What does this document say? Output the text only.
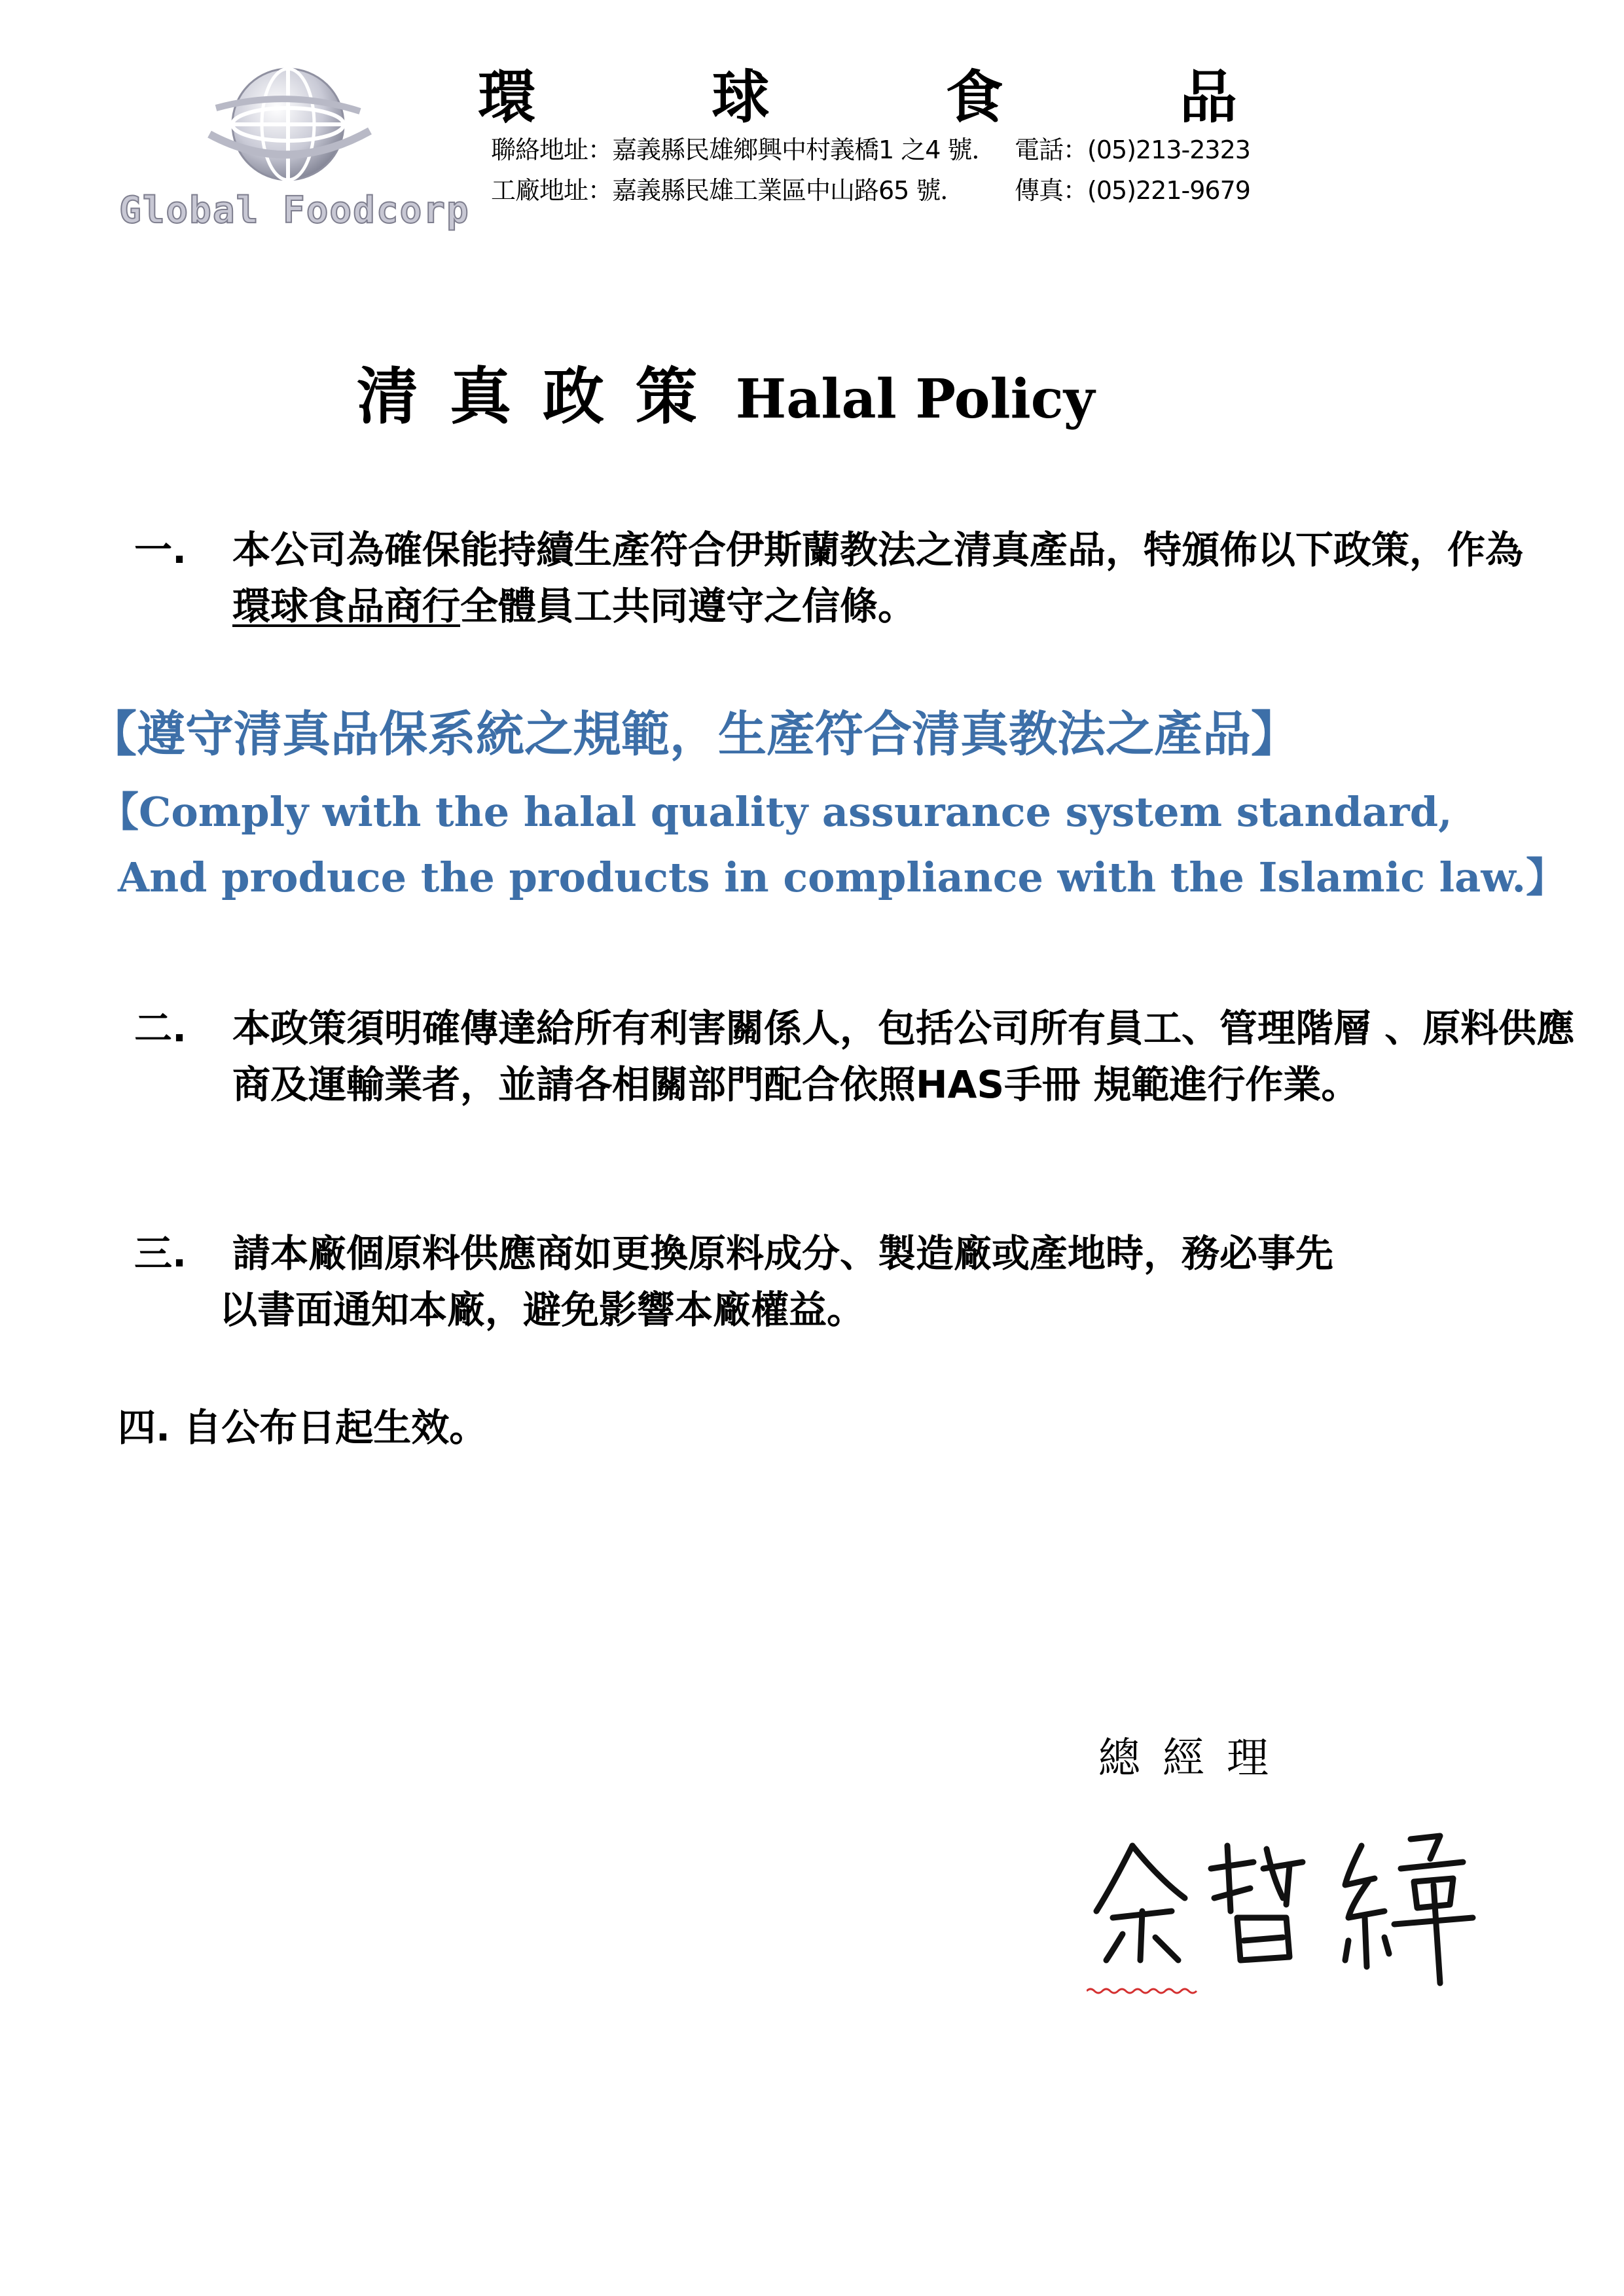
Global Foodcorp
環	球	食	品
聯絡地址：嘉義縣民雄鄉興中村義橋1 之4 號． 電話：(05)213-2323
工廠地址：嘉義縣民雄工業區中山路65 號． 傳真：(05)221-9679
清真政策 Halal Policy
一. 本公司為確保能持續生產符合伊斯蘭教法之清真產品，特頒佈以下政策，作為環球食品商行全體員工共同遵守之信條。
【遵守清真品保系統之規範，生產符合清真教法之產品】
【Comply with the halal quality assurance system standard,
And produce the products in compliance with the Islamic law.】
二. 本政策須明確傳達給所有利害關係人，包括公司所有員工、管理階層 、原料供應商及運輸業者，並請各相關部門配合依照HAS手冊 規範進行作業。
三. 請本廠個原料供應商如更換原料成分、製造廠或產地時，務必事先
以書面通知本廠，避免影響本廠權益。
四. 自公布日起生效。
總經理
